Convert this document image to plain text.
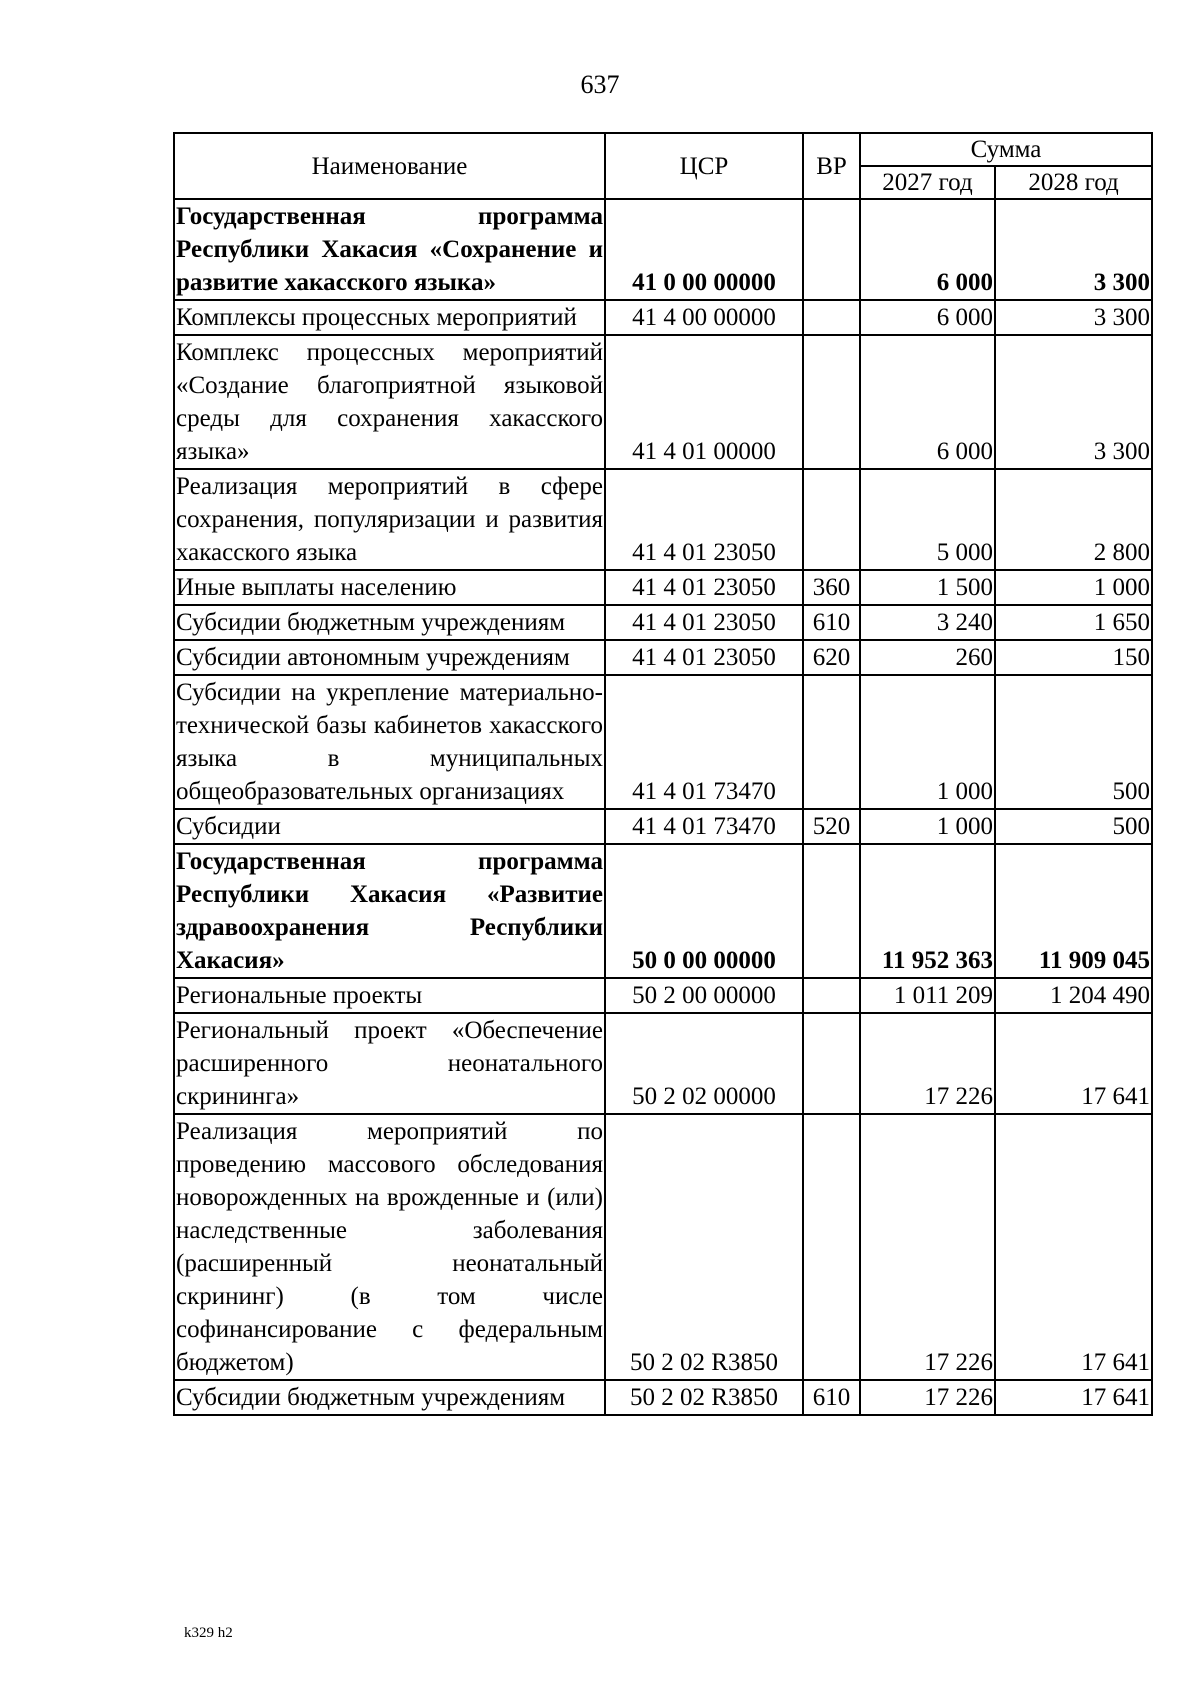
637
Наименование	ЦСР	ВР	Сумма	
			2027 год	2028 год
Государственная программа Республики Хакасия «Сохранение и развитие хакасского языка»	41 0 00 00000		6 000	3 300
Комплексы процессных мероприятий	41 4 00 00000		6 000	3 300
Комплекс процессных мероприятий «Создание благоприятной языковой среды для сохранения хакасского языка»	41 4 01 00000		6 000	3 300
Реализация мероприятий в сфере сохранения, популяризации и развития хакасского языка	41 4 01 23050		5 000	2 800
Иные выплаты населению	41 4 01 23050	360	1 500	1 000
Субсидии бюджетным учреждениям	41 4 01 23050	610	3 240	1 650
Субсидии автономным учреждениям	41 4 01 23050	620	260	150
Субсидии на укрепление материально-технической базы кабинетов хакасского языка в муниципальных общеобразовательных организациях	41 4 01 73470		1 000	500
Субсидии	41 4 01 73470	520	1 000	500
Государственная программа Республики Хакасия «Развитие здравоохранения Республики Хакасия»	50 0 00 00000		11 952 363	11 909 045
Региональные проекты	50 2 00 00000		1 011 209	1 204 490
Региональный проект «Обеспечение расширенного неонатального скрининга»	50 2 02 00000		17 226	17 641
Реализация мероприятий по проведению массового обследования новорожденных на врожденные и (или) наследственные заболевания (расширенный неонатальный скрининг) (в том числе софинансирование с федеральным бюджетом)	50 2 02 R3850		17 226	17 641
Субсидии бюджетным учреждениям	50 2 02 R3850	610	17 226	17 641
k329 h2
